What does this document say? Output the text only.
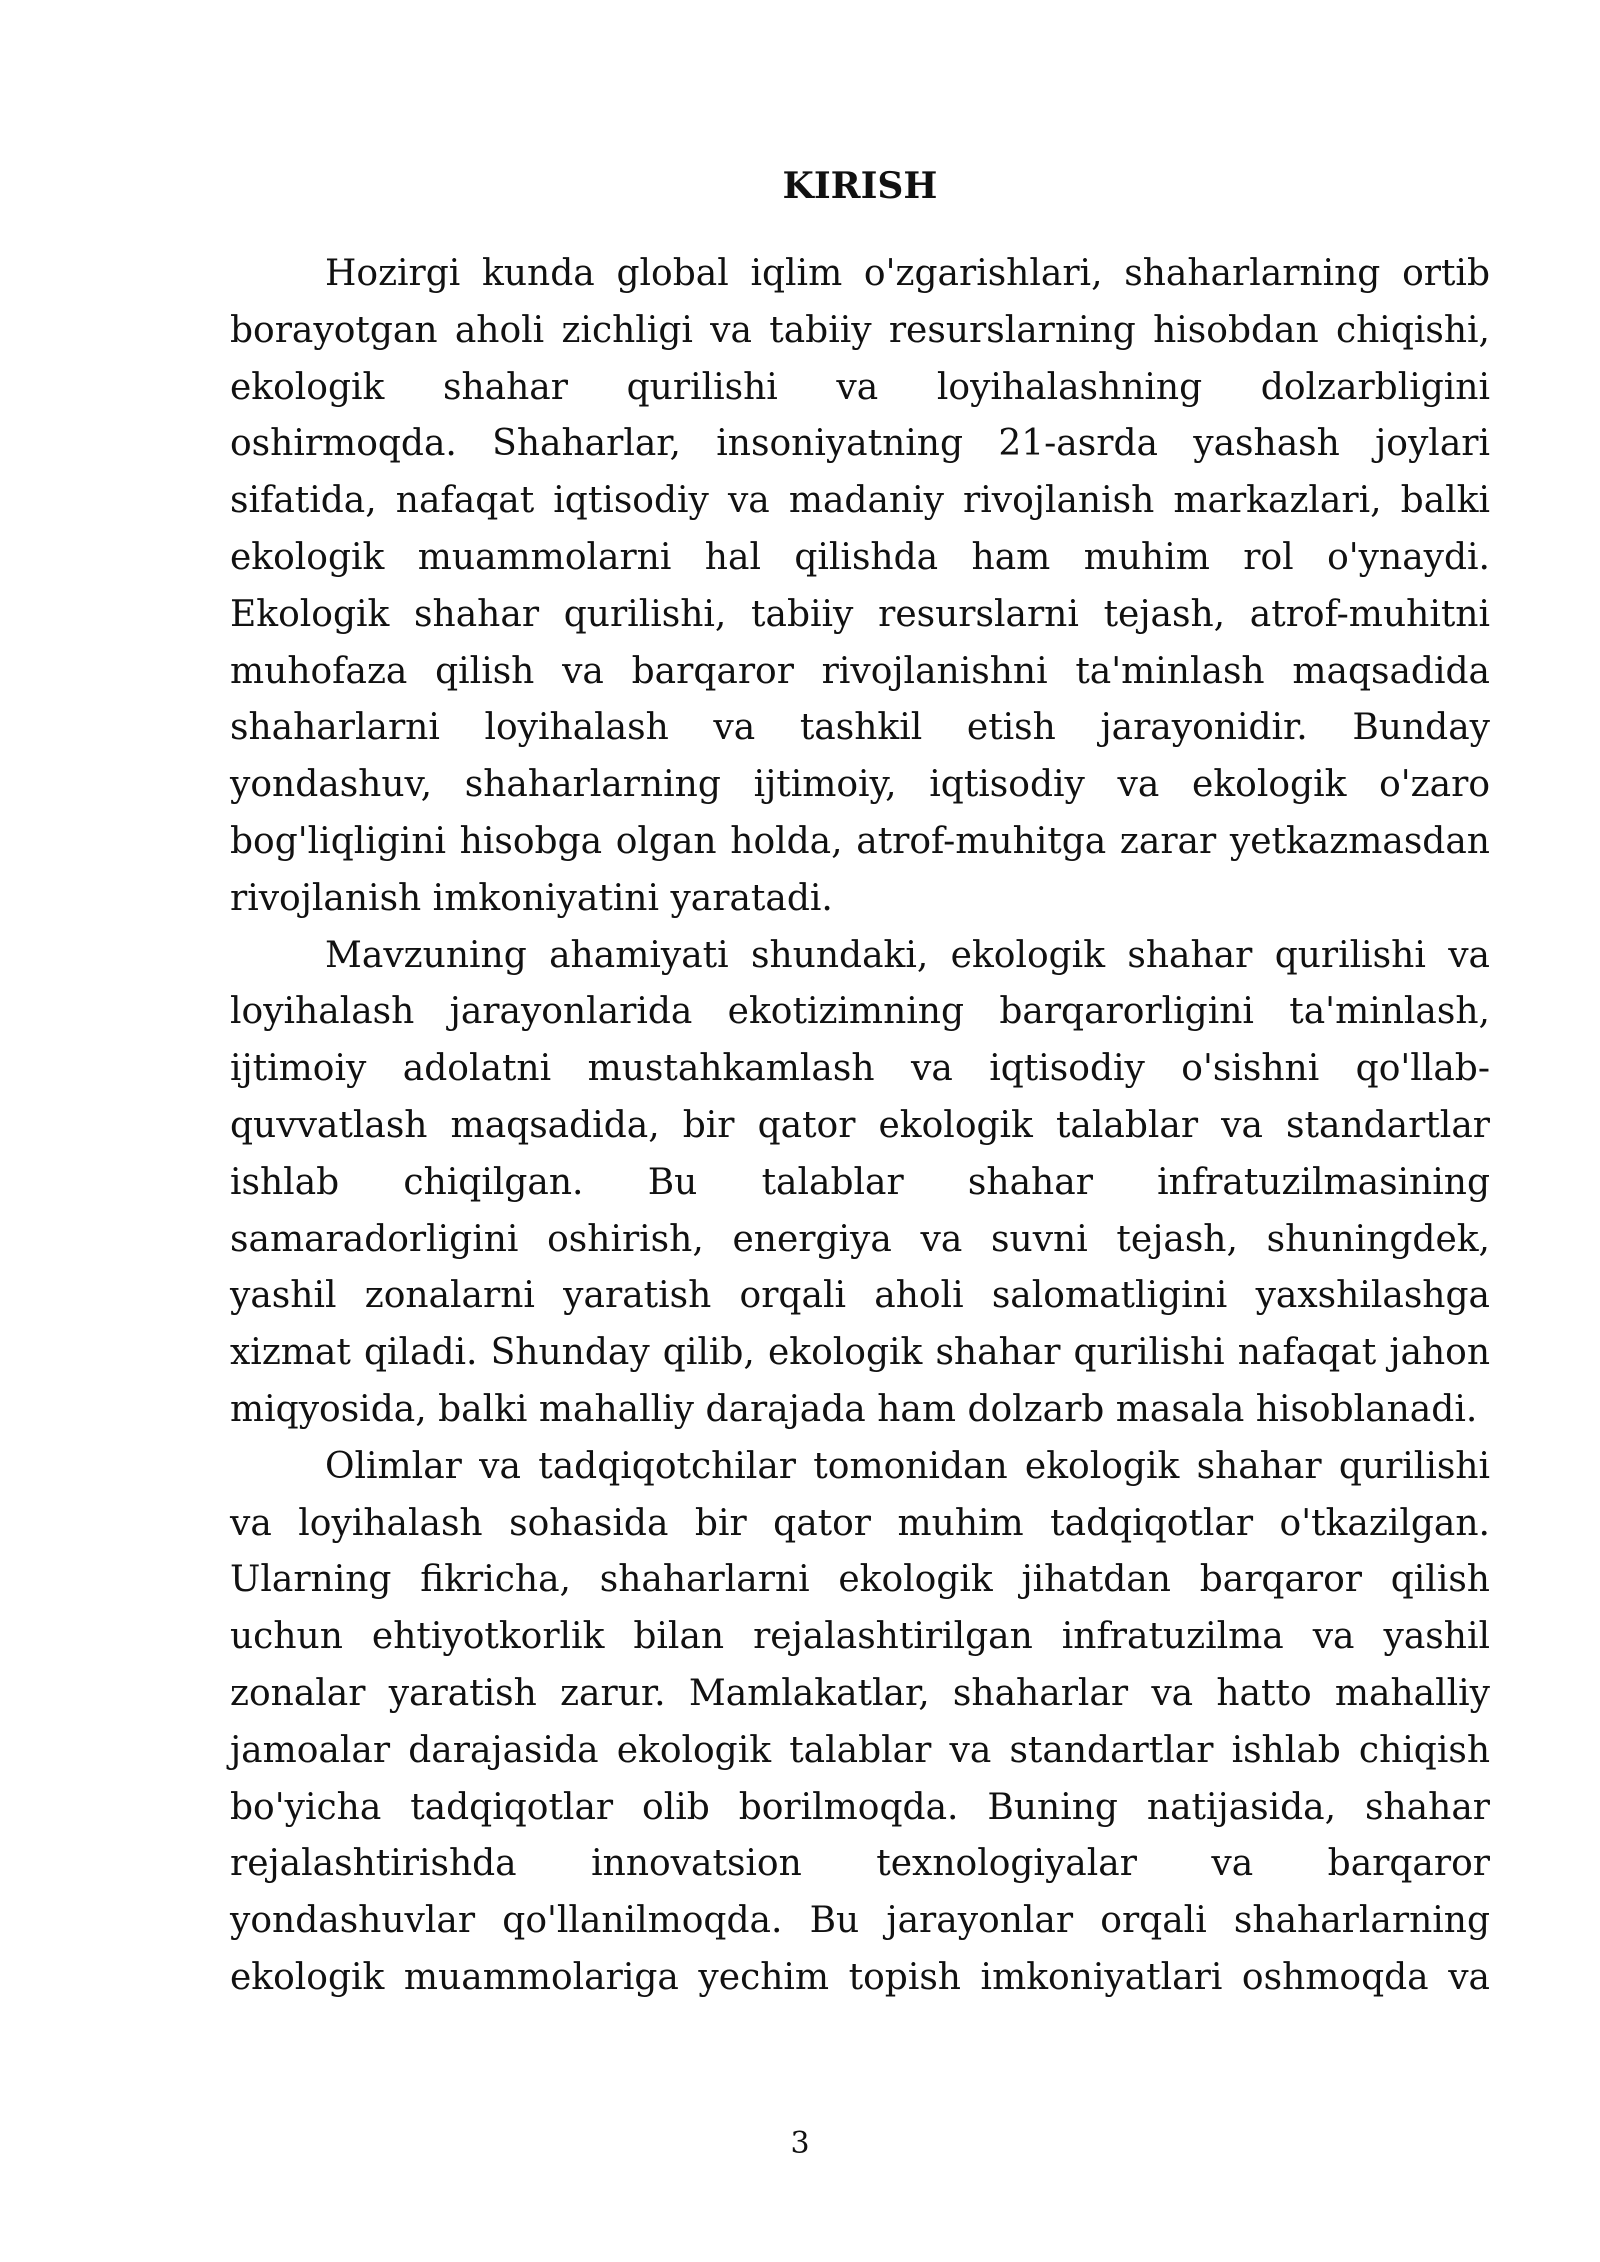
KIRISH

Hozirgi kunda global iqlim o'zgarishlari, shaharlarning ortib borayotgan aholi zichligi va tabiiy resurslarning hisobdan chiqishi, ekologik shahar qurilishi va loyihalashning dolzarbligini oshirmoqda. Shaharlar, insoniyatning 21-asrda yashash joylari sifatida, nafaqat iqtisodiy va madaniy rivojlanish markazlari, balki ekologik muammolarni hal qilishda ham muhim rol o'ynaydi. Ekologik shahar qurilishi, tabiiy resurslarni tejash, atrof-muhitni muhofaza qilish va barqaror rivojlanishni ta'minlash maqsadida shaharlarni loyihalash va tashkil etish jarayonidir. Bunday yondashuv, shaharlarning ijtimoiy, iqtisodiy va ekologik o'zaro bog'liqligini hisobga olgan holda, atrof-muhitga zarar yetkazmasdan rivojlanish imkoniyatini yaratadi.

Mavzuning ahamiyati shundaki, ekologik shahar qurilishi va loyihalash jarayonlarida ekotizimning barqarorligini ta'minlash, ijtimoiy adolatni mustahkamlash va iqtisodiy o'sishni qo'llab-quvvatlash maqsadida, bir qator ekologik talablar va standartlar ishlab chiqilgan. Bu talablar shahar infratuzilmasining samaradorligini oshirish, energiya va suvni tejash, shuningdek, yashil zonalarni yaratish orqali aholi salomatligini yaxshilashga xizmat qiladi. Shunday qilib, ekologik shahar qurilishi nafaqat jahon miqyosida, balki mahalliy darajada ham dolzarb masala hisoblanadi.

Olimlar va tadqiqotchilar tomonidan ekologik shahar qurilishi va loyihalash sohasida bir qator muhim tadqiqotlar o'tkazilgan. Ularning fikricha, shaharlarni ekologik jihatdan barqaror qilish uchun ehtiyotkorlik bilan rejalashtirilgan infratuzilma va yashil zonalar yaratish zarur. Mamlakatlar, shaharlar va hatto mahalliy jamoalar darajasida ekologik talablar va standartlar ishlab chiqish bo'yicha tadqiqotlar olib borilmoqda. Buning natijasida, shahar rejalashtirishda innovatsion texnologiyalar va barqaror yondashuvlar qo'llanilmoqda. Bu jarayonlar orqali shaharlarning ekologik muammolariga yechim topish imkoniyatlari oshmoqda va

3
